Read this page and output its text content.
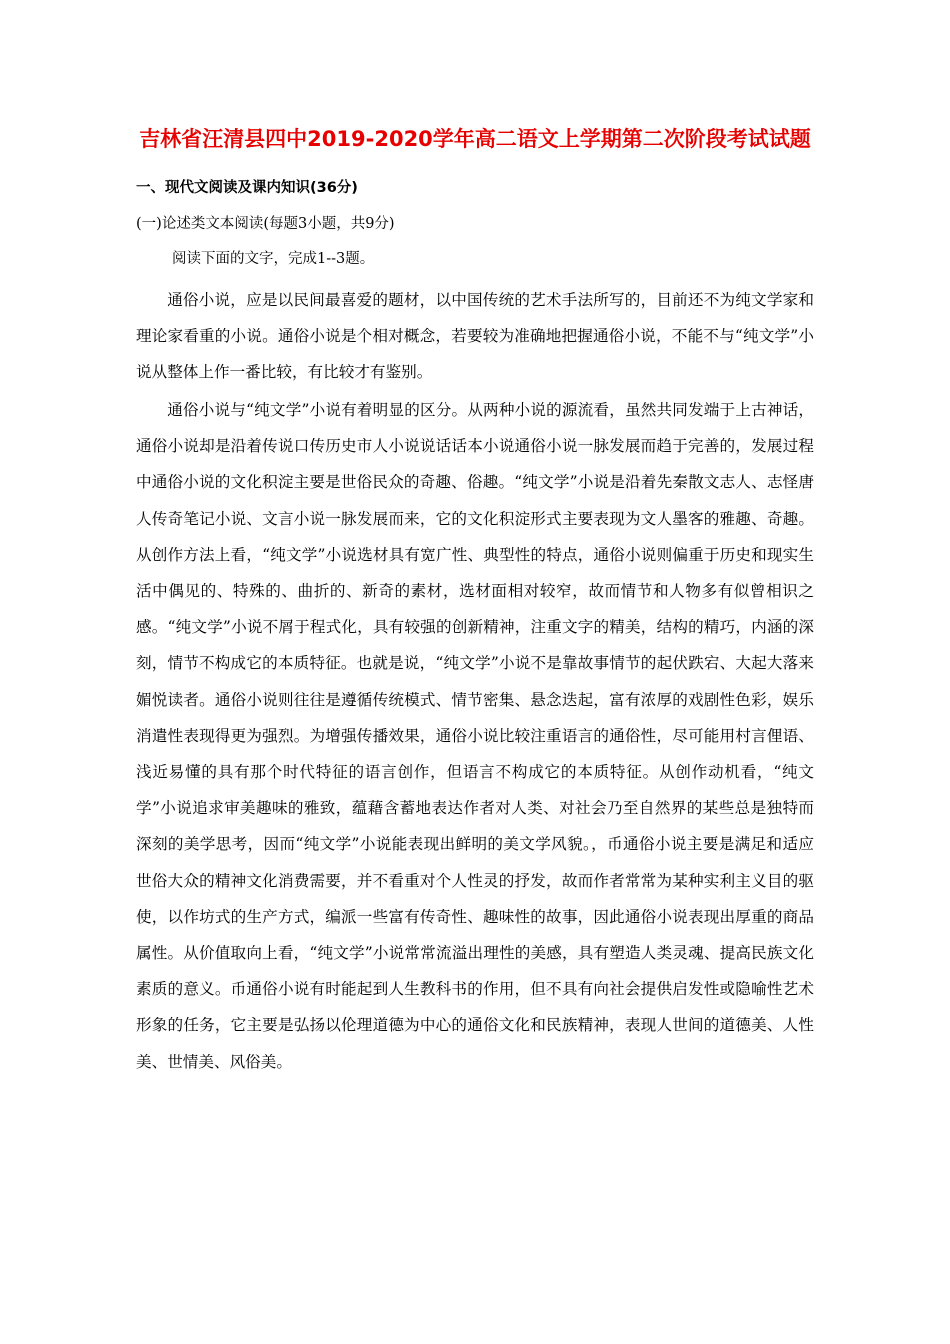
吉林省汪清县四中2019-2020学年高二语文上学期第二次阶段考试试题

一、现代文阅读及课内知识(36分)

(一)论述类文本阅读(每题3小题，共9分)

阅读下面的文字，完成1--3题。

通俗小说，应是以民间最喜爱的题材，以中国传统的艺术手法所写的，目前还不为纯文学家和理论家看重的小说。通俗小说是个相对概念，若要较为准确地把握通俗小说，不能不与“纯文学”小说从整体上作一番比较，有比较才有鉴别。

通俗小说与“纯文学”小说有着明显的区分。从两种小说的源流看，虽然共同发端于上古神话，通俗小说却是沿着传说口传历史市人小说说话话本小说通俗小说一脉发展而趋于完善的，发展过程中通俗小说的文化积淀主要是世俗民众的奇趣、俗趣。“纯文学”小说是沿着先秦散文志人、志怪唐人传奇笔记小说、文言小说一脉发展而来，它的文化积淀形式主要表现为文人墨客的雅趣、奇趣。从创作方法上看，“纯文学”小说选材具有宽广性、典型性的特点，通俗小说则偏重于历史和现实生活中偶见的、特殊的、曲折的、新奇的素材，选材面相对较窄，故而情节和人物多有似曾相识之感。“纯文学”小说不屑于程式化，具有较强的创新精神，注重文字的精美，结构的精巧，内涵的深刻，情节不构成它的本质特征。也就是说，“纯文学”小说不是靠故事情节的起伏跌宕、大起大落来媚悦读者。通俗小说则往往是遵循传统模式、情节密集、悬念迭起，富有浓厚的戏剧性色彩，娱乐消遣性表现得更为强烈。为增强传播效果，通俗小说比较注重语言的通俗性，尽可能用村言俚语、浅近易懂的具有那个时代特征的语言创作，但语言不构成它的本质特征。从创作动机看，“纯文学”小说追求审美趣味的雅致，蕴藉含蓄地表达作者对人类、对社会乃至自然界的某些总是独特而深刻的美学思考，因而“纯文学”小说能表现出鲜明的美文学风貌。，币通俗小说主要是满足和适应世俗大众的精神文化消费需要，并不看重对个人性灵的抒发，故而作者常常为某种实利主义目的驱使，以作坊式的生产方式，编派一些富有传奇性、趣味性的故事，因此通俗小说表现出厚重的商品属性。从价值取向上看，“纯文学”小说常常流溢出理性的美感，具有塑造人类灵魂、提高民族文化素质的意义。币通俗小说有时能起到人生教科书的作用，但不具有向社会提供启发性或隐喻性艺术形象的任务，它主要是弘扬以伦理道德为中心的通俗文化和民族精神，表现人世间的道德美、人性美、世情美、风俗美。
